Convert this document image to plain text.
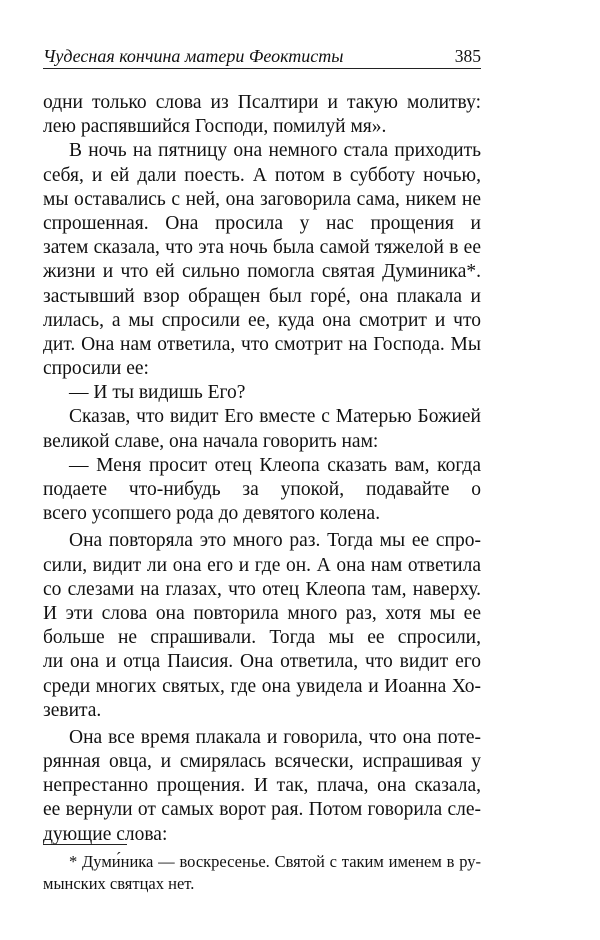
Чудесная кончина матери Феоктисты	385
одни только слова из Псалтири и такую молитву:
лею распявшийся Господи, помилуй мя».
В ночь на пятницу она немного стала приходить
себя, и ей дали поесть. А потом в субботу ночью,
мы оставались с ней, она заговорила сама, никем не
спрошенная. Она просила у нас прощения и
затем сказала, что эта ночь была самой тяжелой в ее
жизни и что ей сильно помогла святая Думиника*.
застывший взор обращен был горé, она плакала и
лилась, а мы спросили ее, куда она смотрит и что
дит. Она нам ответила, что смотрит на Господа. Мы
спросили ее:
— И ты видишь Его?
Сказав, что видит Его вместе с Матерью Божией
великой славе, она начала говорить нам:
— Меня просит отец Клеопа сказать вам, когда
подаете что-нибудь за упокой, подавайте о
всего усопшего рода до девятого колена.
Она повторяла это много раз. Тогда мы ее спро-
сили, видит ли она его и где он. А она нам ответила
со слезами на глазах, что отец Клеопа там, наверху.
И эти слова она повторила много раз, хотя мы ее
больше не спрашивали. Тогда мы ее спросили,
ли она и отца Паисия. Она ответила, что видит его
среди многих святых, где она увидела и Иоанна Хо-
зевита.
Она все время плакала и говорила, что она поте-
рянная овца, и смирялась всячески, испрашивая у
непрестанно прощения. И так, плача, она сказала,
ее вернули от самых ворот рая. Потом говорила сле-
дующие слова:
* Думи́ника — воскресенье. Святой с таким именем в ру-
мынских святцах нет.
